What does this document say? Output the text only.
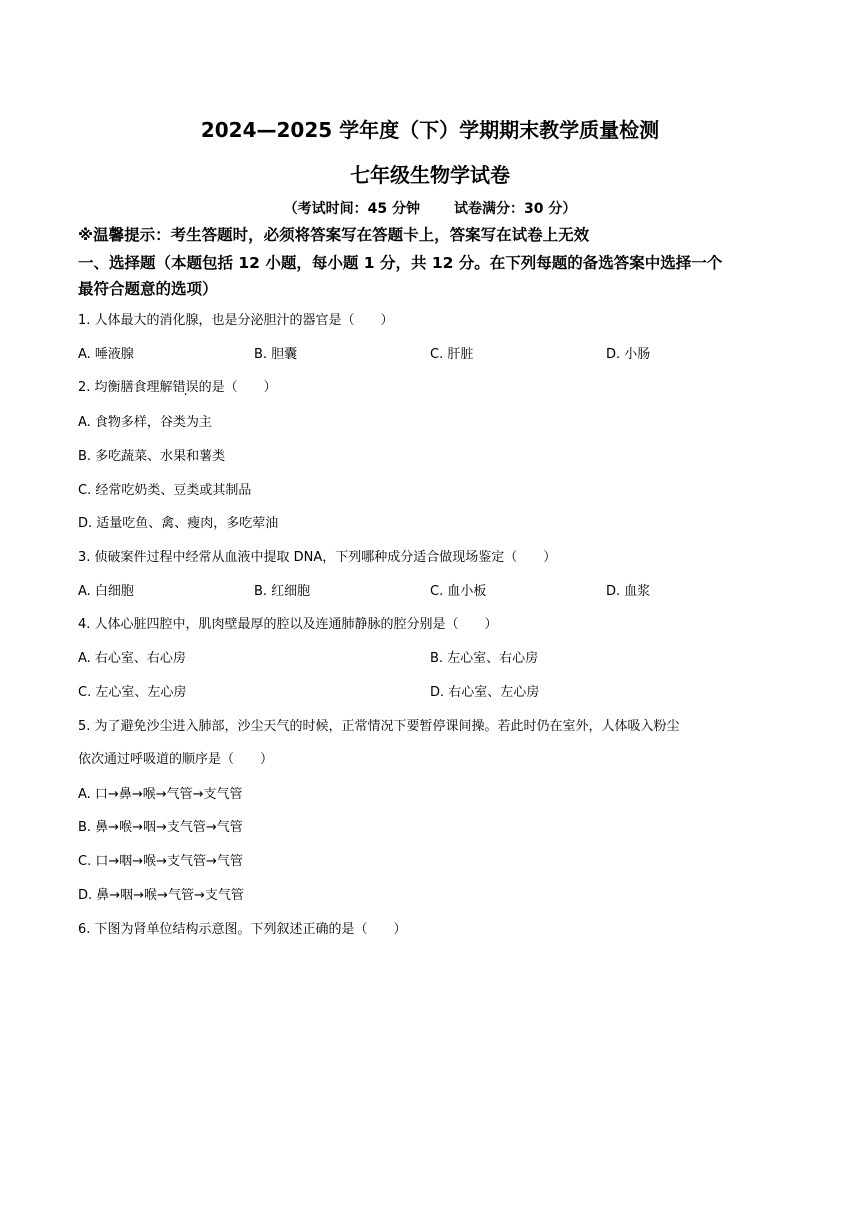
2024—2025 学年度（下）学期期末教学质量检测
七年级生物学试卷
（考试时间：45 分钟 试卷满分：30 分）
※温馨提示：考生答题时，必须将答案写在答题卡上，答案写在试卷上无效
一、选择题（本题包括 12 小题，每小题 1 分，共 12 分。在下列每题的备选答案中选择一个
最符合题意的选项）
1. 人体最大的消化腺，也是分泌胆汁的器官是（　　）
A. 唾液腺	B. 胆囊	C. 肝脏	D. 小肠
2. 均衡膳食理解错误的是（　　）
A. 食物多样，谷类为主
B. 多吃蔬菜、水果和薯类
C. 经常吃奶类、豆类或其制品
D. 适量吃鱼、禽、瘦肉，多吃荤油
3. 侦破案件过程中经常从血液中提取 DNA，下列哪种成分适合做现场鉴定（　　）
A. 白细胞	B. 红细胞	C. 血小板	D. 血浆
4. 人体心脏四腔中，肌肉壁最厚的腔以及连通肺静脉的腔分别是（　　）
A. 右心室、右心房	B. 左心室、右心房
C. 左心室、左心房	D. 右心室、左心房
5. 为了避免沙尘进入肺部，沙尘天气的时候，正常情况下要暂停课间操。若此时仍在室外，人体吸入粉尘
依次通过呼吸道的顺序是（　　）
A. 口→鼻→喉→气管→支气管
B. 鼻→喉→咽→支气管→气管
C. 口→咽→喉→支气管→气管
D. 鼻→咽→喉→气管→支气管
6. 下图为肾单位结构示意图。下列叙述正确的是（　　）
